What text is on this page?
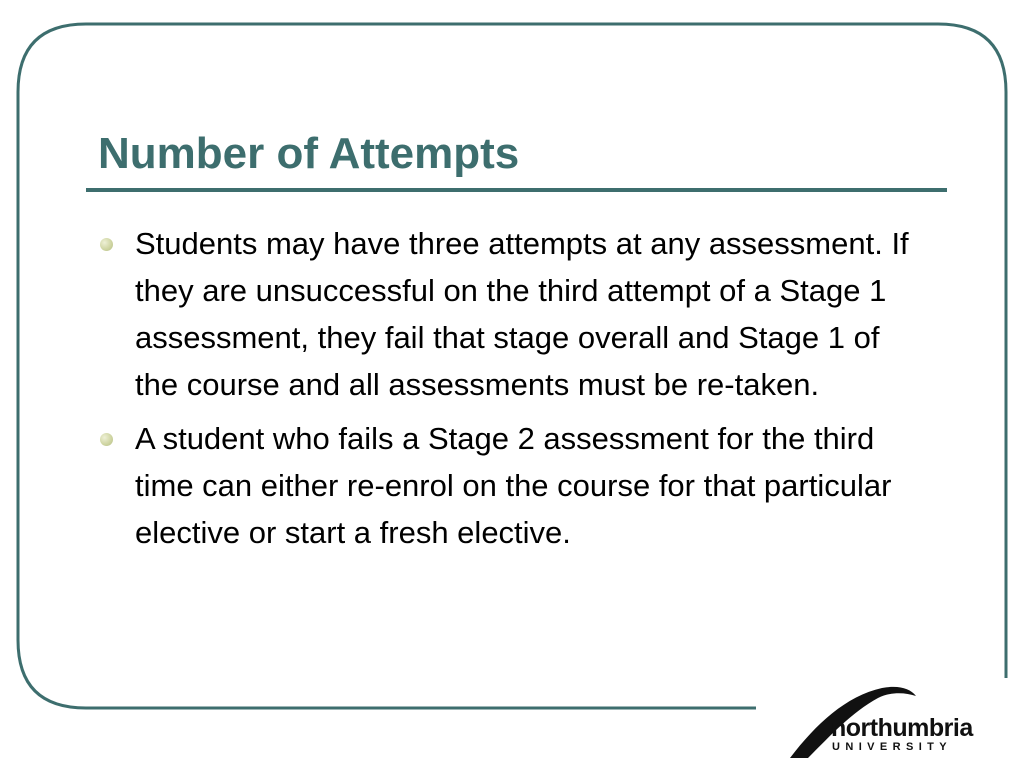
Number of Attempts
Students may have three attempts at any assessment. If they are unsuccessful on the third attempt of a Stage 1 assessment, they fail that stage overall and Stage 1 of the course and all assessments must be re-taken.
A student who fails a Stage 2 assessment for the third time can either re-enrol on the course for that particular elective or start a fresh elective.
northumbria
UNIVERSITY
